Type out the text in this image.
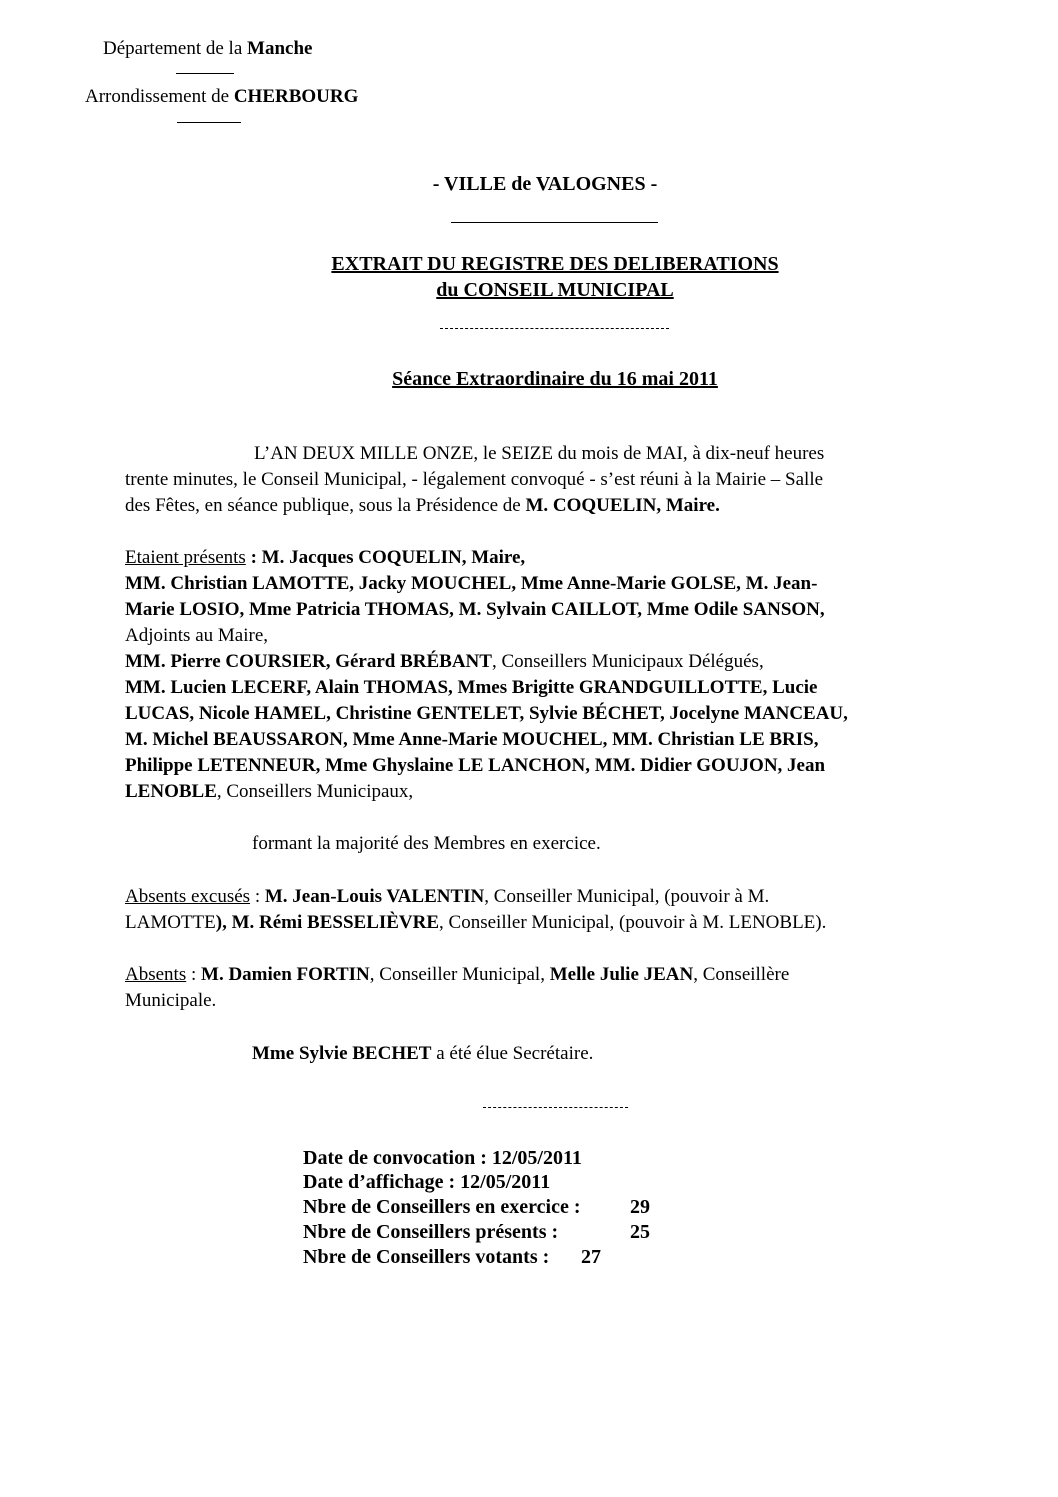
Département de la Manche
Arrondissement de CHERBOURG
- VILLE de VALOGNES -
EXTRAIT DU REGISTRE DES DELIBERATIONS
du CONSEIL MUNICIPAL
Séance Extraordinaire du 16 mai 2011
L’AN DEUX MILLE ONZE, le SEIZE du mois de MAI, à dix-neuf heures
trente minutes, le Conseil Municipal, - légalement convoqué - s’est réuni à la Mairie – Salle
des Fêtes, en séance publique, sous la Présidence de M. COQUELIN, Maire.
Etaient présents : M. Jacques COQUELIN, Maire,
MM. Christian LAMOTTE, Jacky MOUCHEL, Mme Anne-Marie GOLSE, M. Jean-
Marie LOSIO, Mme Patricia THOMAS, M. Sylvain CAILLOT, Mme Odile SANSON,
Adjoints au Maire,
MM. Pierre COURSIER, Gérard BRÉBANT, Conseillers Municipaux Délégués,
MM. Lucien LECERF, Alain THOMAS, Mmes Brigitte GRANDGUILLOTTE, Lucie
LUCAS, Nicole HAMEL, Christine GENTELET, Sylvie BÉCHET, Jocelyne MANCEAU,
M. Michel BEAUSSARON, Mme Anne-Marie MOUCHEL, MM. Christian LE BRIS,
Philippe LETENNEUR, Mme Ghyslaine LE LANCHON, MM. Didier GOUJON, Jean
LENOBLE, Conseillers Municipaux,
formant la majorité des Membres en exercice.
Absents excusés : M. Jean-Louis VALENTIN, Conseiller Municipal, (pouvoir à M.
LAMOTTE), M. Rémi BESSELIÈVRE, Conseiller Municipal, (pouvoir à M. LENOBLE).
Absents : M. Damien FORTIN, Conseiller Municipal, Melle Julie JEAN, Conseillère
Municipale.
Mme Sylvie BECHET a été élue Secrétaire.
Date de convocation : 12/05/2011
Date d’affichage : 12/05/2011
Nbre de Conseillers en exercice : 29
Nbre de Conseillers présents :	25
Nbre de Conseillers votants : 27
